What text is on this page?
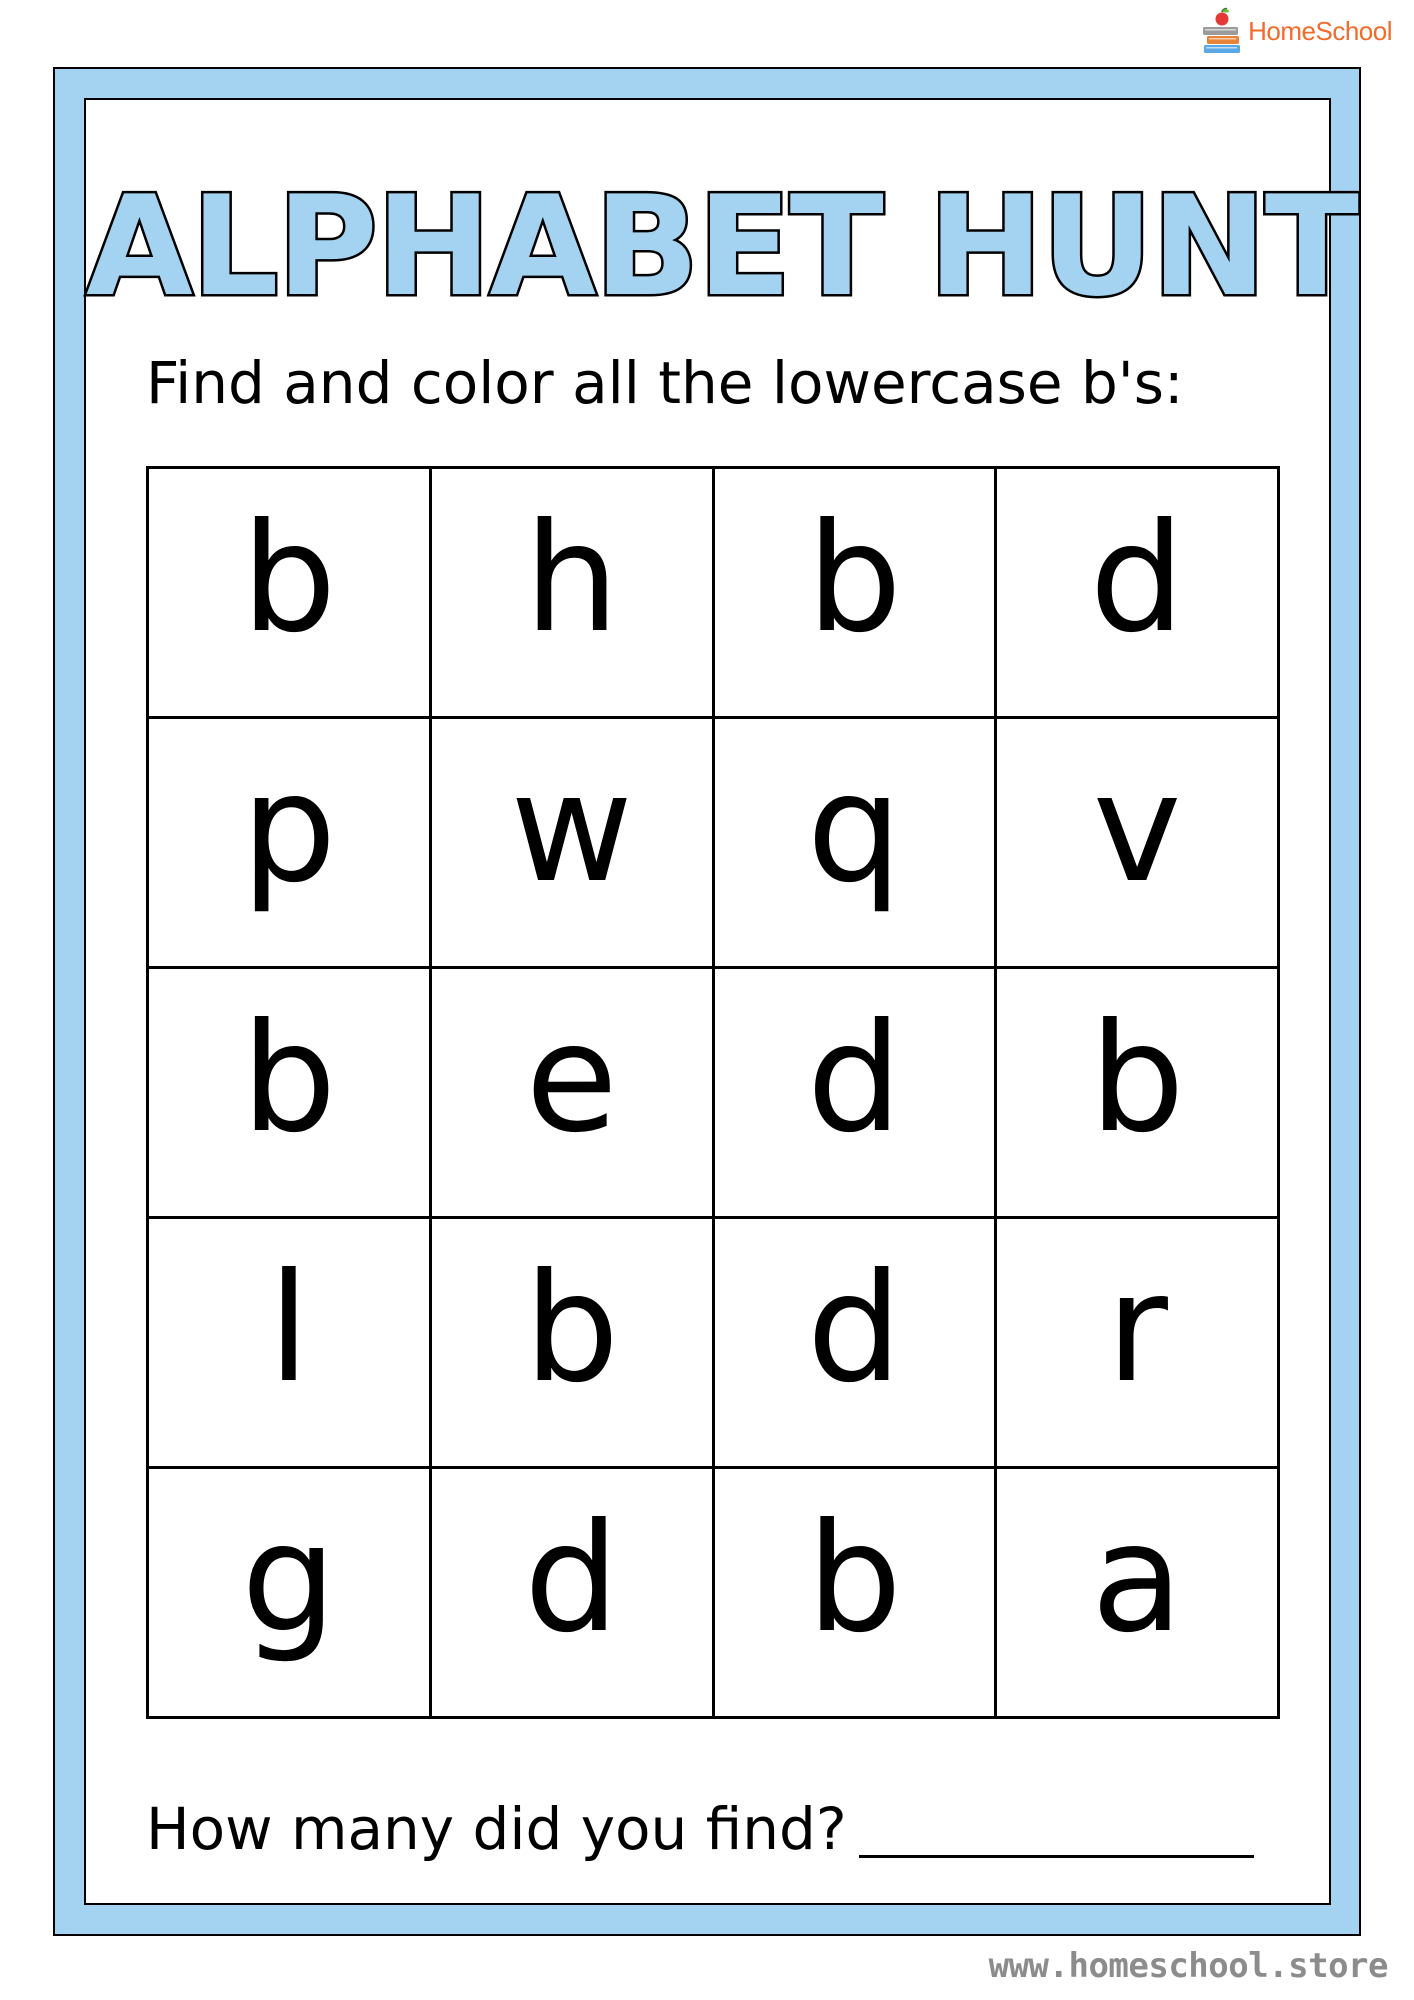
HomeSchool
ALPHABET HUNT
Find and color all the lowercase b's:
b	h	b	d
p	w	q	v
b	e	d	b
l	b	d	r
g	d	b	a
How many did you find?
www.homeschool.store
